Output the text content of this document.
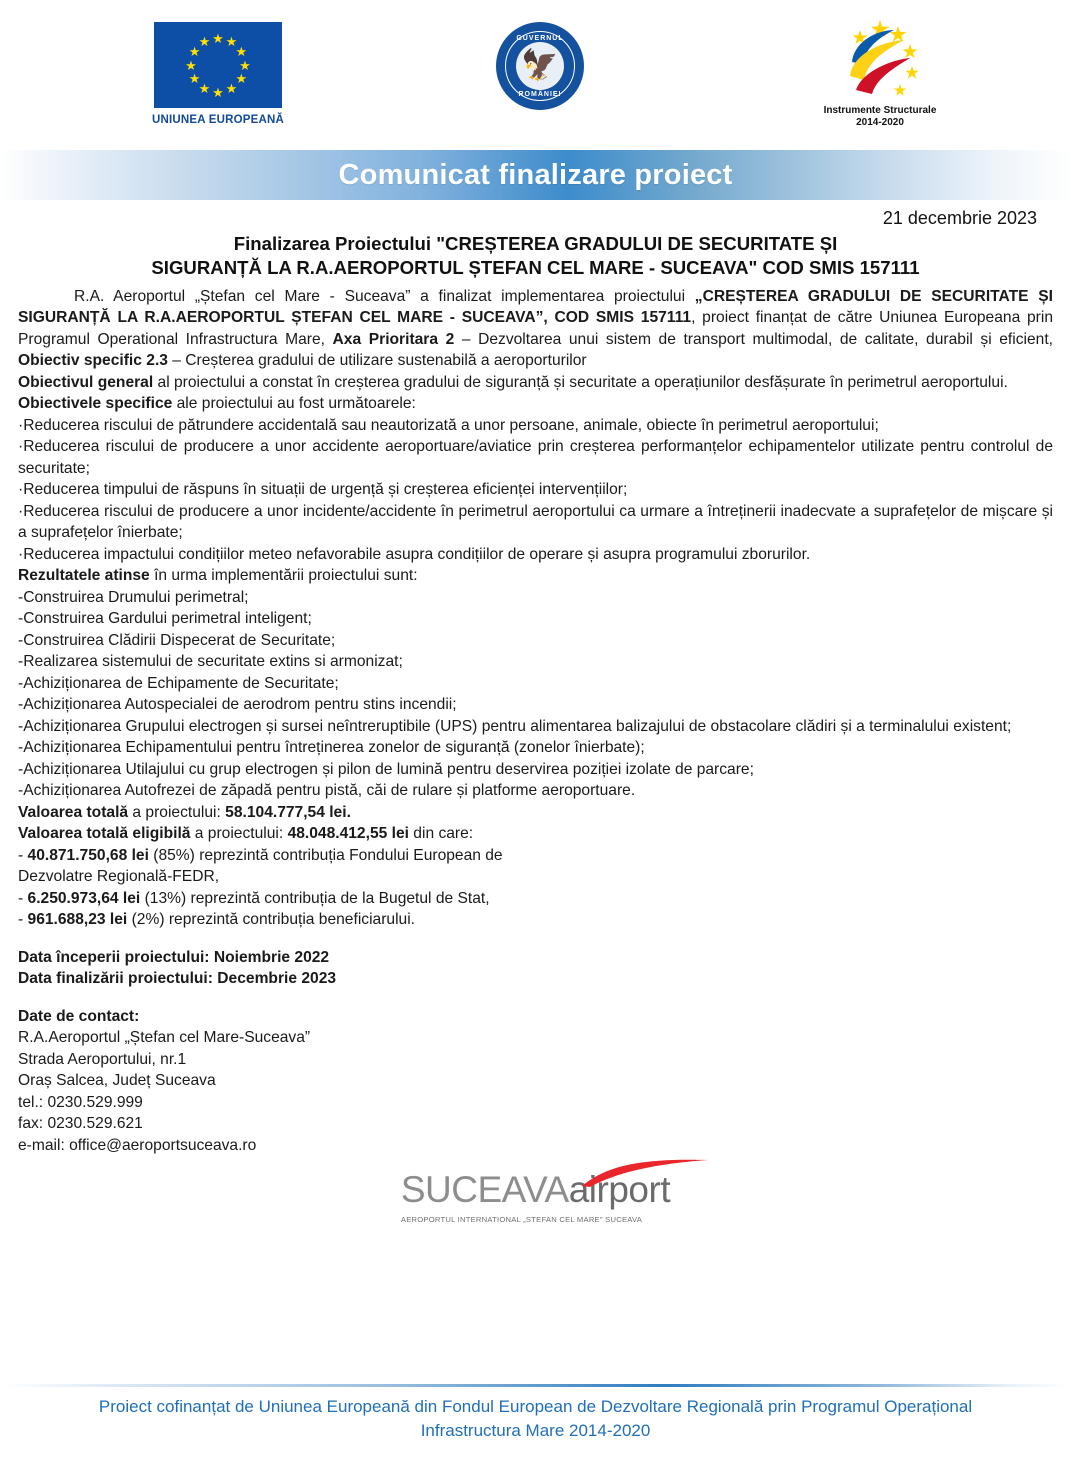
★ ★
★
★
★
★
★
★
★
★
★
★
UNIUNEA EUROPEANĂ
🦅
GUVERNUL
ROMÂNIEI
Instrumente Structurale
2014-2020
Comunicat finalizare proiect
21 decembrie 2023
Finalizarea Proiectului "CREȘTEREA GRADULUI DE SECURITATE ȘI
SIGURANȚĂ LA R.A.AEROPORTUL ȘTEFAN CEL MARE - SUCEAVA" COD SMIS 157111
R.A. Aeroportul „Ștefan cel Mare - Suceava” a finalizat implementarea proiectului „CREȘTEREA GRADULUI DE SECURITATE ȘI SIGURANȚĂ LA R.A.AEROPORTUL ȘTEFAN CEL MARE - SUCEAVA”, COD SMIS 157111, proiect finanțat de către Uniunea Europeana prin Programul Operational Infrastructura Mare, Axa Prioritara 2 – Dezvoltarea unui sistem de transport multimodal, de calitate, durabil și eficient, Obiectiv specific 2.3 – Creșterea gradului de utilizare sustenabilă a aeroporturilor
Obiectivul general al proiectului a constat în creșterea gradului de siguranță și securitate a operațiunilor desfășurate în perimetrul aeroportului.
Obiectivele specifice ale proiectului au fost următoarele:
·Reducerea riscului de pătrundere accidentală sau neautorizată a unor persoane, animale, obiecte în perimetrul aeroportului;
·Reducerea riscului de producere a unor accidente aeroportuare/aviatice prin creșterea performanțelor echipamentelor utilizate pentru controlul de securitate;
·Reducerea timpului de răspuns în situații de urgență și creșterea eficienței intervențiilor;
·Reducerea riscului de producere a unor incidente/accidente în perimetrul aeroportului ca urmare a întreținerii inadecvate a suprafețelor de mișcare și a suprafețelor înierbate;
·Reducerea impactului condițiilor meteo nefavorabile asupra condițiilor de operare și asupra programului zborurilor.
Rezultatele atinse în urma implementării proiectului sunt:
-Construirea Drumului perimetral;
-Construirea Gardului perimetral inteligent;
-Construirea Clădirii Dispecerat de Securitate;
-Realizarea sistemului de securitate extins si armonizat;
-Achiziționarea de Echipamente de Securitate;
-Achiziționarea Autospecialei de aerodrom pentru stins incendii;
-Achiziționarea Grupului electrogen și sursei neîntreruptibile (UPS) pentru alimentarea balizajului de obstacolare clădiri și a terminalului existent;
-Achiziționarea Echipamentului pentru întreținerea zonelor de siguranță (zonelor înierbate);
-Achiziționarea Utilajului cu grup electrogen și pilon de lumină pentru deservirea poziției izolate de parcare;
-Achiziționarea Autofrezei de zăpadă pentru pistă, căi de rulare și platforme aeroportuare.
Valoarea totală a proiectului: 58.104.777,54 lei.
Valoarea totală eligibilă a proiectului: 48.048.412,55 lei din care:
- 40.871.750,68 lei (85%) reprezintă contribuția Fondului European de
Dezvolatre Regională-FEDR,
- 6.250.973,64 lei (13%) reprezintă contribuția de la Bugetul de Stat,
- 961.688,23 lei (2%) reprezintă contribuția beneficiarului.
Data începerii proiectului: Noiembrie 2022
Data finalizării proiectului: Decembrie 2023
Date de contact:
R.A.Aeroportul „Ștefan cel Mare-Suceava”
Strada Aeroportului, nr.1
Oraș Salcea, Județ Suceava
tel.: 0230.529.999
fax: 0230.529.621
e-mail: office@aeroportsuceava.ro
SUCEAVAairport
AEROPORTUL INTERNATIONAL „STEFAN CEL MARE" SUCEAVA
Proiect cofinanțat de Uniunea Europeană din Fondul European de Dezvoltare Regională prin Programul Operațional
Infrastructura Mare 2014-2020
